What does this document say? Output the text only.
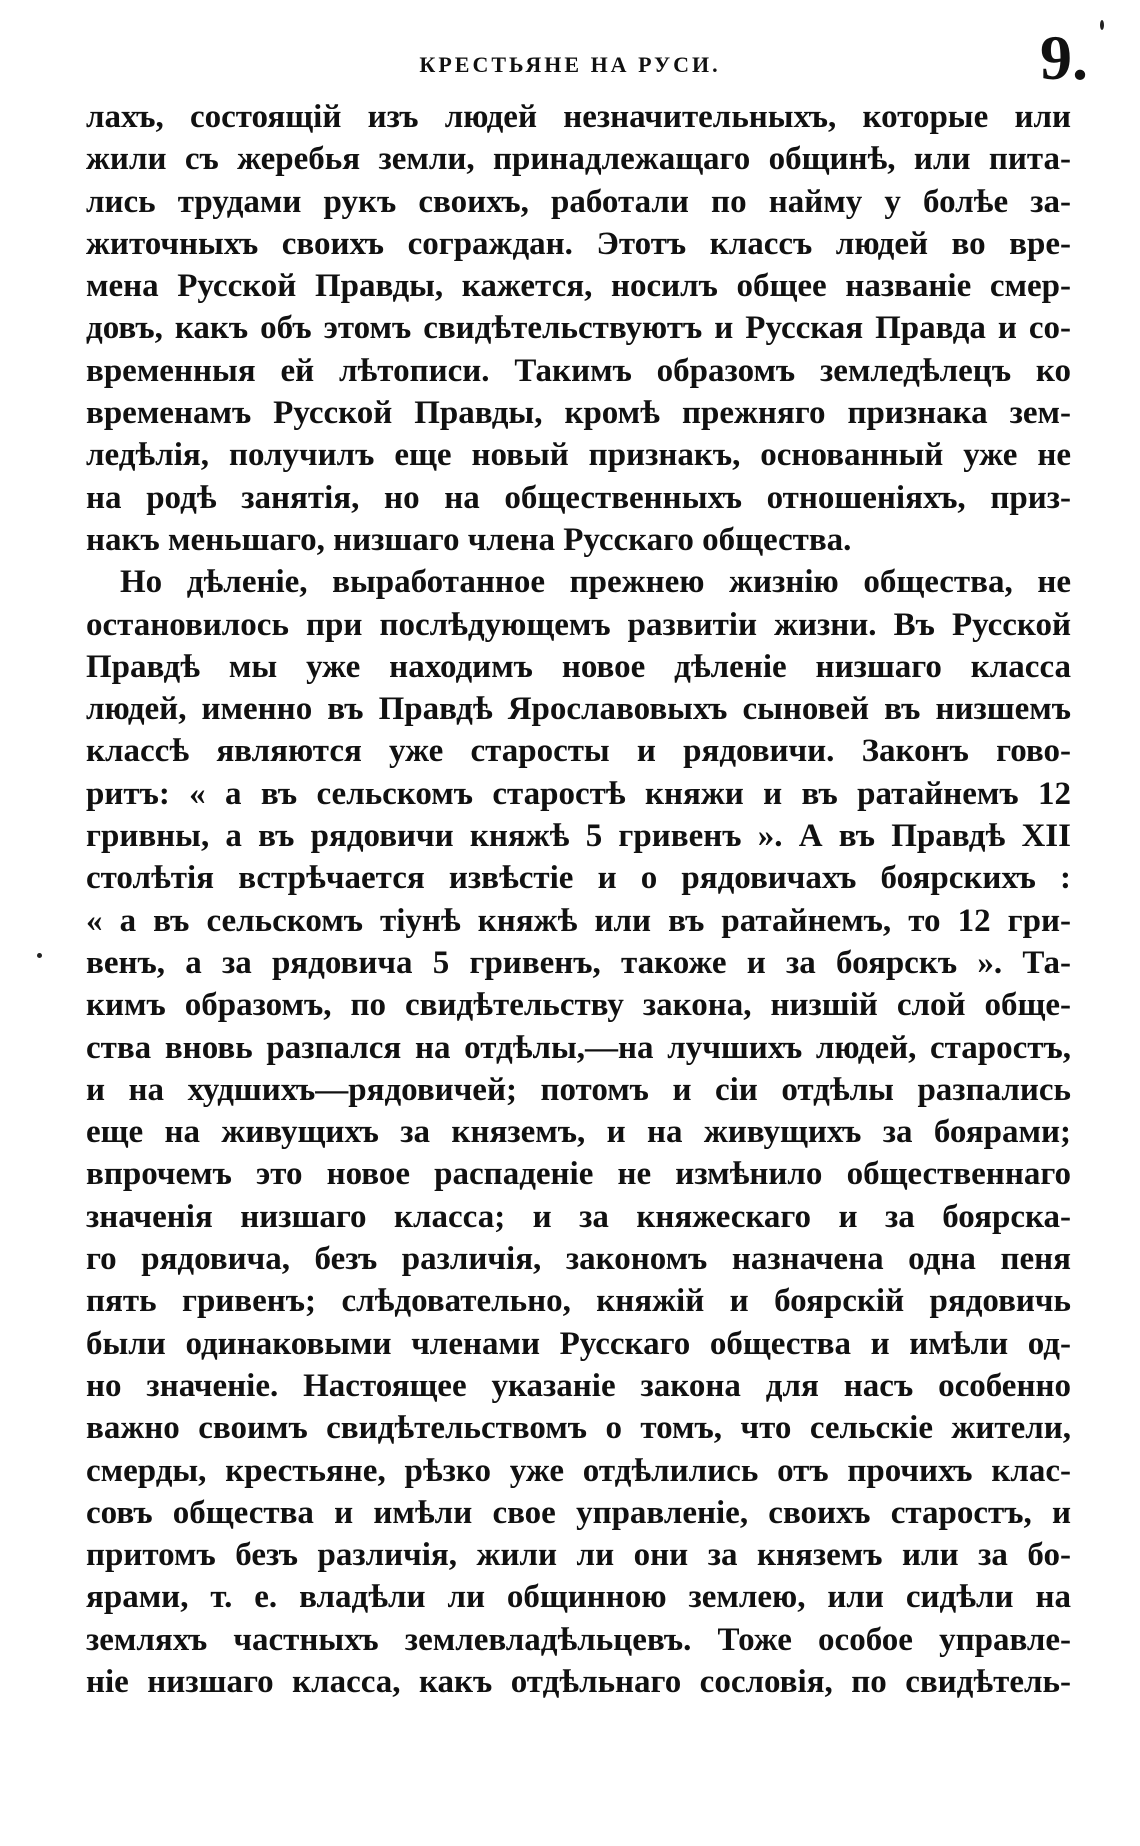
КРЕСТЬЯНЕ НА РУСИ.	9.
лахъ, состоящій изъ людей незначительныхъ, которые или
жили съ жеребья земли, принадлежащаго общинѣ, или пита-
лись трудами рукъ своихъ, работали по найму у болѣе за-
житочныхъ своихъ сограждан. Этотъ классъ людей во вре-
мена Русской Правды, кажется, носилъ общее названіе смер-
довъ, какъ объ этомъ свидѣтельствуютъ и Русская Правда и со-
временныя ей лѣтописи. Такимъ образомъ земледѣлецъ ко
временамъ Русской Правды, кромѣ прежняго признака зем-
ледѣлія, получилъ еще новый признакъ, основанный уже не
на родѣ занятія, но на общественныхъ отношеніяхъ, приз-
накъ меньшаго, низшаго члена Русскаго общества.
Но дѣленіе, выработанное прежнею жизнію общества, не
остановилось при послѣдующемъ развитіи жизни. Въ Русской
Правдѣ мы уже находимъ новое дѣленіе низшаго класса
людей, именно въ Правдѣ Ярославовыхъ сыновей въ низшемъ
классѣ являются уже старосты и рядовичи. Законъ гово-
ритъ: « а въ сельскомъ старостѣ княжи и въ ратайнемъ 12
гривны, а въ рядовичи княжѣ 5 гривенъ ». А въ Правдѣ XII
столѣтія встрѣчается извѣстіе и о рядовичахъ боярскихъ :
« а въ сельскомъ тіунѣ княжѣ или въ ратайнемъ, то 12 гри-
венъ, а за рядовича 5 гривенъ, такоже и за боярскъ ». Та-
кимъ образомъ, по свидѣтельству закона, низшій слой обще-
ства вновь разпался на отдѣлы,—на лучшихъ людей, старостъ,
и на худшихъ—рядовичей; потомъ и сіи отдѣлы разпались
еще на живущихъ за княземъ, и на живущихъ за боярами;
впрочемъ это новое распаденіе не измѣнило общественнаго
значенія низшаго класса; и за княжескаго и за боярска-
го рядовича, безъ различія, закономъ назначена одна пеня
пять гривенъ; слѣдовательно, княжій и боярскій рядовичь
были одинаковыми членами Русскаго общества и имѣли од-
но значеніе. Настоящее указаніе закона для насъ особенно
важно своимъ свидѣтельствомъ о томъ, что сельскіе жители,
смерды, крестьяне, рѣзко уже отдѣлились отъ прочихъ клас-
совъ общества и имѣли свое управленіе, своихъ старостъ, и
притомъ безъ различія, жили ли они за княземъ или за бо-
ярами, т. е. владѣли ли общинною землею, или сидѣли на
земляхъ частныхъ землевладѣльцевъ. Тоже особое управле-
ніе низшаго класса, какъ отдѣльнаго сословія, по свидѣтель-
